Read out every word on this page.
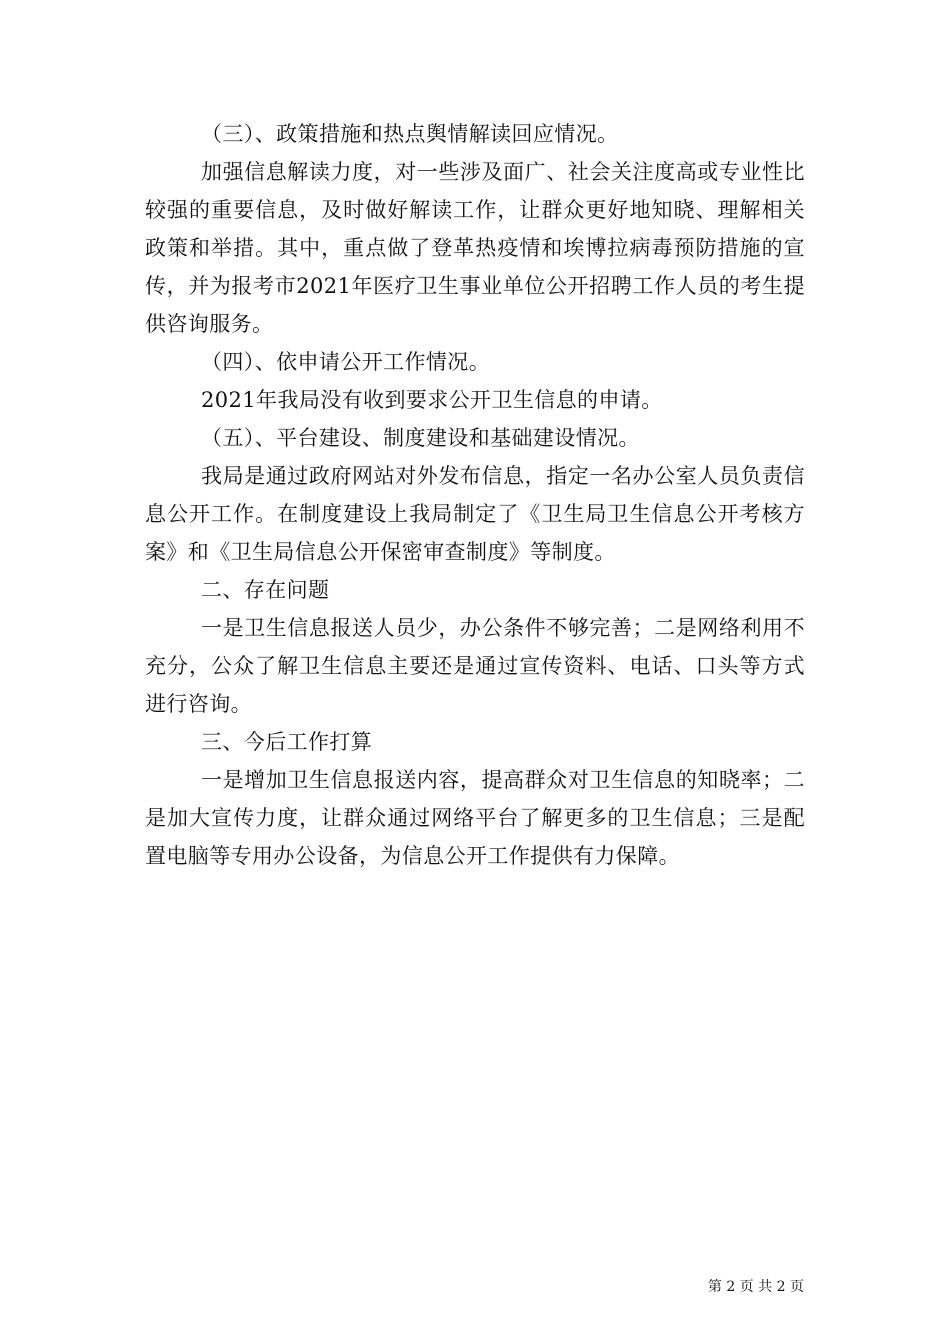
（三）、政策措施和热点舆情解读回应情况。

加强信息解读力度，对一些涉及面广、社会关注度高或专业性比较强的重要信息，及时做好解读工作，让群众更好地知晓、理解相关政策和举措。其中，重点做了登革热疫情和埃博拉病毒预防措施的宣传，并为报考市2021年医疗卫生事业单位公开招聘工作人员的考生提供咨询服务。

（四）、依申请公开工作情况。

2021年我局没有收到要求公开卫生信息的申请。

（五）、平台建设、制度建设和基础建设情况。

我局是通过政府网站对外发布信息，指定一名办公室人员负责信息公开工作。在制度建设上我局制定了《卫生局卫生信息公开考核方案》和《卫生局信息公开保密审查制度》等制度。

二、存在问题

一是卫生信息报送人员少，办公条件不够完善；二是网络利用不充分，公众了解卫生信息主要还是通过宣传资料、电话、口头等方式进行咨询。

三、今后工作打算

一是增加卫生信息报送内容，提高群众对卫生信息的知晓率；二是加大宣传力度，让群众通过网络平台了解更多的卫生信息；三是配置电脑等专用办公设备，为信息公开工作提供有力保障。

第 2 页 共 2 页
